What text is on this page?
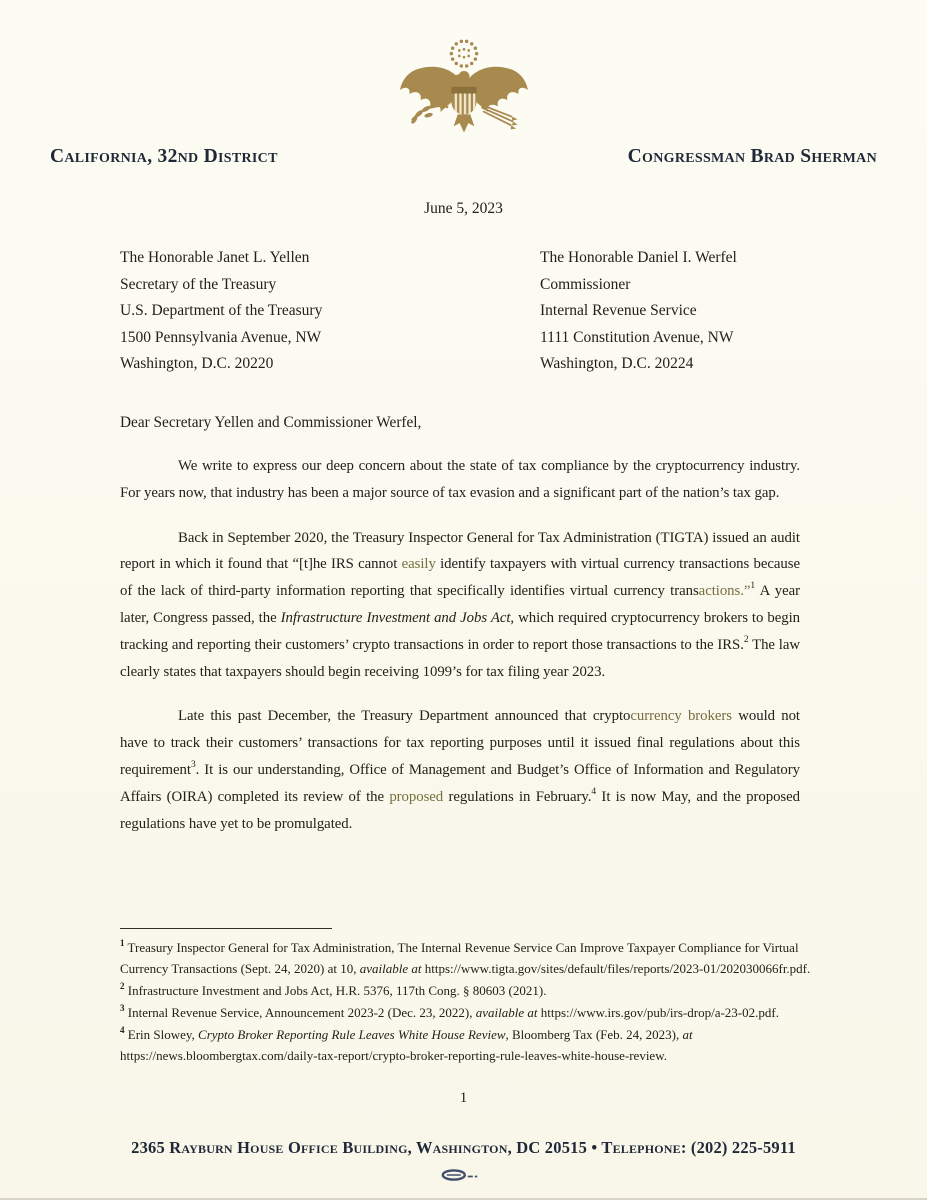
California, 32nd District	Congressman Brad Sherman
June 5, 2023
The Honorable Janet L. Yellen
Secretary of the Treasury
U.S. Department of the Treasury
1500 Pennsylvania Avenue, NW
Washington, D.C. 20220
The Honorable Daniel I. Werfel
Commissioner
Internal Revenue Service
1111 Constitution Avenue, NW
Washington, D.C. 20224
Dear Secretary Yellen and Commissioner Werfel,

We write to express our deep concern about the state of tax compliance by the cryptocurrency industry. For years now, that industry has been a major source of tax evasion and a significant part of the nation’s tax gap.

Back in September 2020, the Treasury Inspector General for Tax Administration (TIGTA) issued an audit report in which it found that “[t]he IRS cannot easily identify taxpayers with virtual currency transactions because of the lack of third-party information reporting that specifically identifies virtual currency transactions.”$^1$ A year later, Congress passed, the Infrastructure Investment and Jobs Act, which required cryptocurrency brokers to begin tracking and reporting their customers’ crypto transactions in order to report those transactions to the IRS.$^2$ The law clearly states that taxpayers should begin receiving 1099’s for tax filing year 2023.

Late this past December, the Treasury Department announced that cryptocurrency brokers would not have to track their customers’ transactions for tax reporting purposes until it issued final regulations about this requirement$^3$. It is our understanding, Office of Management and Budget’s Office of Information and Regulatory Affairs (OIRA) completed its review of the proposed regulations in February.$^4$ It is now May, and the proposed regulations have yet to be promulgated.

$^1$ Treasury Inspector General for Tax Administration, The Internal Revenue Service Can Improve Taxpayer Compliance for Virtual Currency Transactions (Sept. 24, 2020) at 10, available at https://www.tigta.gov/sites/default/files/reports/2023-01/202030066fr.pdf.
$^2$ Infrastructure Investment and Jobs Act, H.R. 5376, 117th Cong. § 80603 (2021).
$^3$ Internal Revenue Service, Announcement 2023-2 (Dec. 23, 2022), available at https://www.irs.gov/pub/irs-drop/a-23-02.pdf.
$^4$ Erin Slowey, Crypto Broker Reporting Rule Leaves White House Review, Bloomberg Tax (Feb. 24, 2023), at https://news.bloombergtax.com/daily-tax-report/crypto-broker-reporting-rule-leaves-white-house-review.
1
2365 Rayburn House Office Building, Washington, DC 20515 • Telephone: (202) 225-5911
